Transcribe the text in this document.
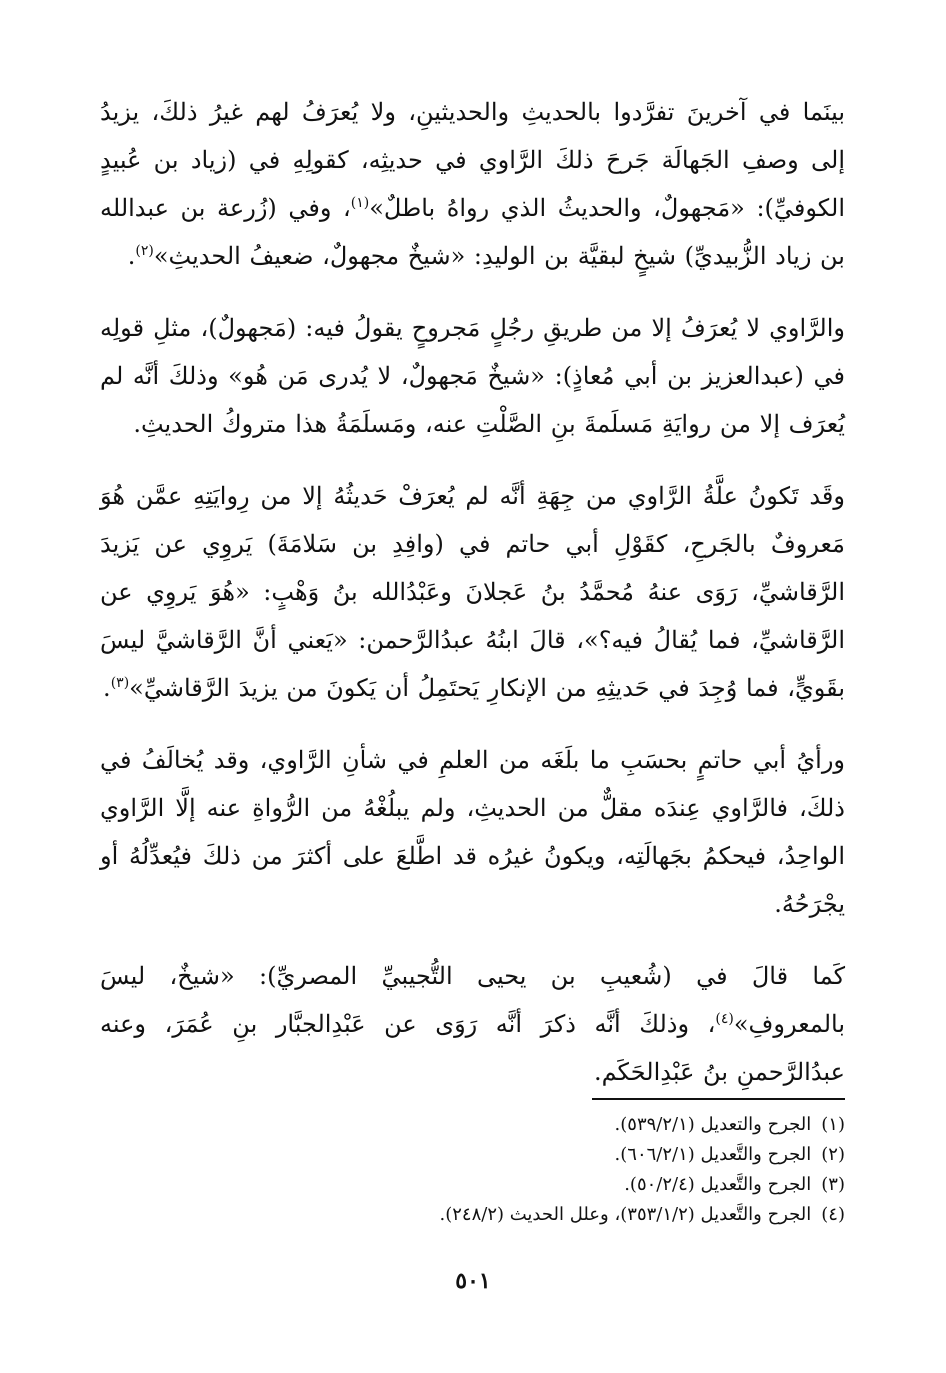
بينَما في آخرينَ تفرَّدوا بالحديثِ والحديثينِ، ولا يُعرَفُ لهم غيرُ ذلكَ، يزيدُ إلى وصفِ الجَهالَة جَرحَ ذلكَ الرَّاوي في حديثِه، كقولِهِ في (زياد بن عُبيدٍ الكوفيِّ): «مَجهولٌ، والحديثُ الذي رواهُ باطلٌ»$^{(١)}$، وفي (زُرعة بن عبدالله بن زياد الزُّبيديِّ) شيخٍ لبقيَّة بن الوليدِ: «شيخٌ مجهولٌ، ضعيفُ الحديثِ»$^{(٢)}$.

والرَّاوي لا يُعرَفُ إلا من طريقِ رجُلٍ مَجروحٍ يقولُ فيه: (مَجهولٌ)، مثلِ قولِه في (عبدالعزيز بن أبي مُعاذٍ): «شيخٌ مَجهولٌ، لا يُدرى مَن هُو» وذلكَ أنَّه لم يُعرَف إلا من روايَةِ مَسلَمةَ بنِ الصَّلْتِ عنه، ومَسلَمَةُ هذا متروكُ الحديثِ.

وقَد تَكونُ علَّةُ الرَّاوي من جِهَةِ أنَّه لم يُعرَفْ حَديثُهُ إلا من رِوايَتِهِ عمَّن هُوَ مَعروفٌ بالجَرحِ، كقَوْلِ أبي حاتم في (وافِدِ بن سَلامَةَ) يَروِي عن يَزيدَ الرَّقاشيِّ، رَوَى عنهُ مُحمَّدُ بنُ عَجلانَ وعَبْدُالله بنُ وَهْبٍ: «هُوَ يَروِي عن الرَّقاشيِّ، فما يُقالُ فيه؟»، قالَ ابنُهُ عبدُالرَّحمن: «يَعني أنَّ الرَّقاشيَّ ليسَ بقَويٍّ، فما وُجِدَ في حَديثِهِ من الإنكارِ يَحتَمِلُ أن يَكونَ من يزيدَ الرَّقاشيِّ»$^{(٣)}$.

ورأيُ أبي حاتمٍ بحسَبِ ما بلَغَه من العلمِ في شأنِ الرَّاوي، وقد يُخالَفُ في ذلكَ، فالرَّاوي عِندَه مقلٌّ من الحديثِ، ولم يبلُغْهُ من الرُّواةِ عنه إلَّا الرَّاوي الواحِدُ، فيحكمُ بجَهالَتِه، ويكونُ غيرُه قد اطَّلعَ على أكثرَ من ذلكَ فيُعدِّلُهُ أو يجْرَحُهُ.

كَما قالَ في (شُعيبِ بن يحيى التُّجيبيِّ المصريِّ): «شيخٌ، ليسَ بالمعروفِ»$^{(٤)}$، وذلكَ أنَّه ذكرَ أنَّه رَوَى عن عَبْدِالجبَّار بنِ عُمَرَ، وعنه عبدُالرَّحمنِ بنُ عَبْدِالحَكَم.

(١)الجرح والتعديل (٥٣٩/٢/١).

(٢)الجرح والتَّعديل (٦٠٦/٢/١).

(٣)الجرح والتَّعديل (٥٠/٢/٤).

(٤)الجرح والتَّعديل (٣٥٣/١/٢)، وعلل الحديث (٢٤٨/٢).

٥٠١
